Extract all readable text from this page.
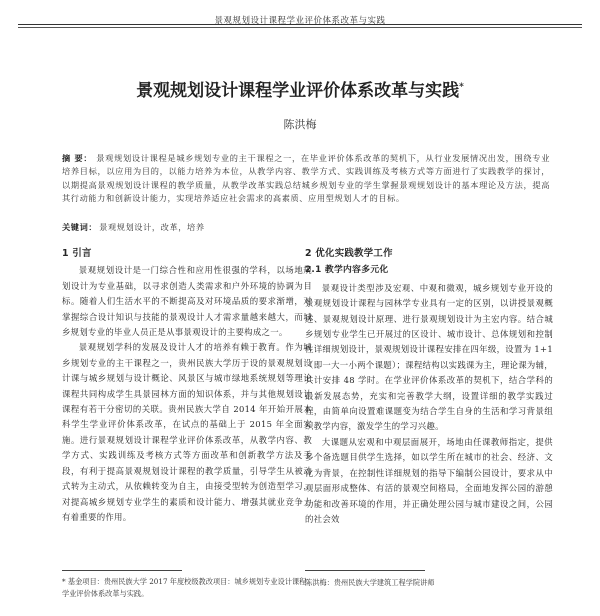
景观规划设计课程学业评价体系改革与实践
景观规划设计课程学业评价体系改革与实践*
陈洪梅
摘 要： 景观规划设计课程是城乡规划专业的主干课程之一，在毕业评价体系改革的契机下，从行业发展情况出发，围绕专业培养目标，以应用为目的，以能力培养为本位，从教学内容、教学方式、实践训练及考核方式等方面进行了实践教学的探讨，以期提高景观规划设计课程的教学质量，从教学改革实践总结城乡规划专业的学生掌握景观规划设计的基本理论及方法，提高其行动能力和创新设计能力，实现培养适应社会需求的高素质、应用型规划人才的目标。
关键词： 景观规划设计，改革，培养
1 引言

景观规划设计是一门综合性和应用性很强的学科，以场地规划设计为专业基础，以寻求创造人类需求和户外环境的协调为目标。随着人们生活水平的不断提高及对环境品质的要求渐增，对掌握综合设计知识与技能的景观设计人才需求量越来越大，而城乡规划专业的毕业人员正是从事景观设计的主要构成之一。

景观规划学科的发展及设计人才的培养有赖于教育。作为城乡规划专业的主干课程之一，贵州民族大学历于设的景观规划设计课与城乡规划与设计概论、风景区与城市绿地系统规划等理论课程共同构成学生具景园林方面的知识体系，并与其他规划设计课程有若干分密切的关联。贵州民族大学自 2014 年开始开展本科学生学业评价体系改革，在试点的基础上于 2015 年全面实施。进行景观规划设计课程学业评价体系改革，从教学内容、教学方式、实践训练及考核方式等方面改革和创新教学方法及手段，有利于提高景观规划设计课程的教学质量，引导学生从被动式转为主动式，从依赖转变为自主，由接受型转为创造型学习，对提高城乡规划专业学生的素质和设计能力、增强其就业竞争力有着重要的作用。

2 优化实践教学工作
2.1 教学内容多元化

景观设计类型涉及宏观、中观和微观，城乡规划专业开设的景观规划设计课程与园林学专业具有一定的区别，以讲授景观概述、景观规划设计原理、进行景观规划设计为主宏内容。结合城乡规划专业学生已开展过的区设计、城市设计、总体规划和控制性详细规划设计，景观规划设计课程安排在四年级，设置为 1+1（即一大一小两个课题）；课程结构以实践课为主，理论课为辅，共计安排 48 学时。在学业评价体系改革的契机下，结合学科的最新发展态势，充实和完善教学大纲，设置详细的教学实践过程，由简单向设置难课题变为结合学生自身的生活和学习背景组织教学内容，激发学生的学习兴趣。

大课题从宏观和中观层面展开，场地由任课教师指定，提供多个备选题目供学生选择，如以学生所在城市的社会、经济、文化为背景，在控制性详细规划的指导下编制公园设计，要求从中观层面形成整体、有活的景观空间格局，全面地发挥公园的游憩功能和改善环境的作用，并正确处理公园与城市建设之间，公园的社会效

* 基金项目：贵州民族大学 2017 年度校级教改项目：城乡规划专业设计课程学业评价体系改革与实践。
陈洪梅：贵州民族大学建筑工程学院讲师
